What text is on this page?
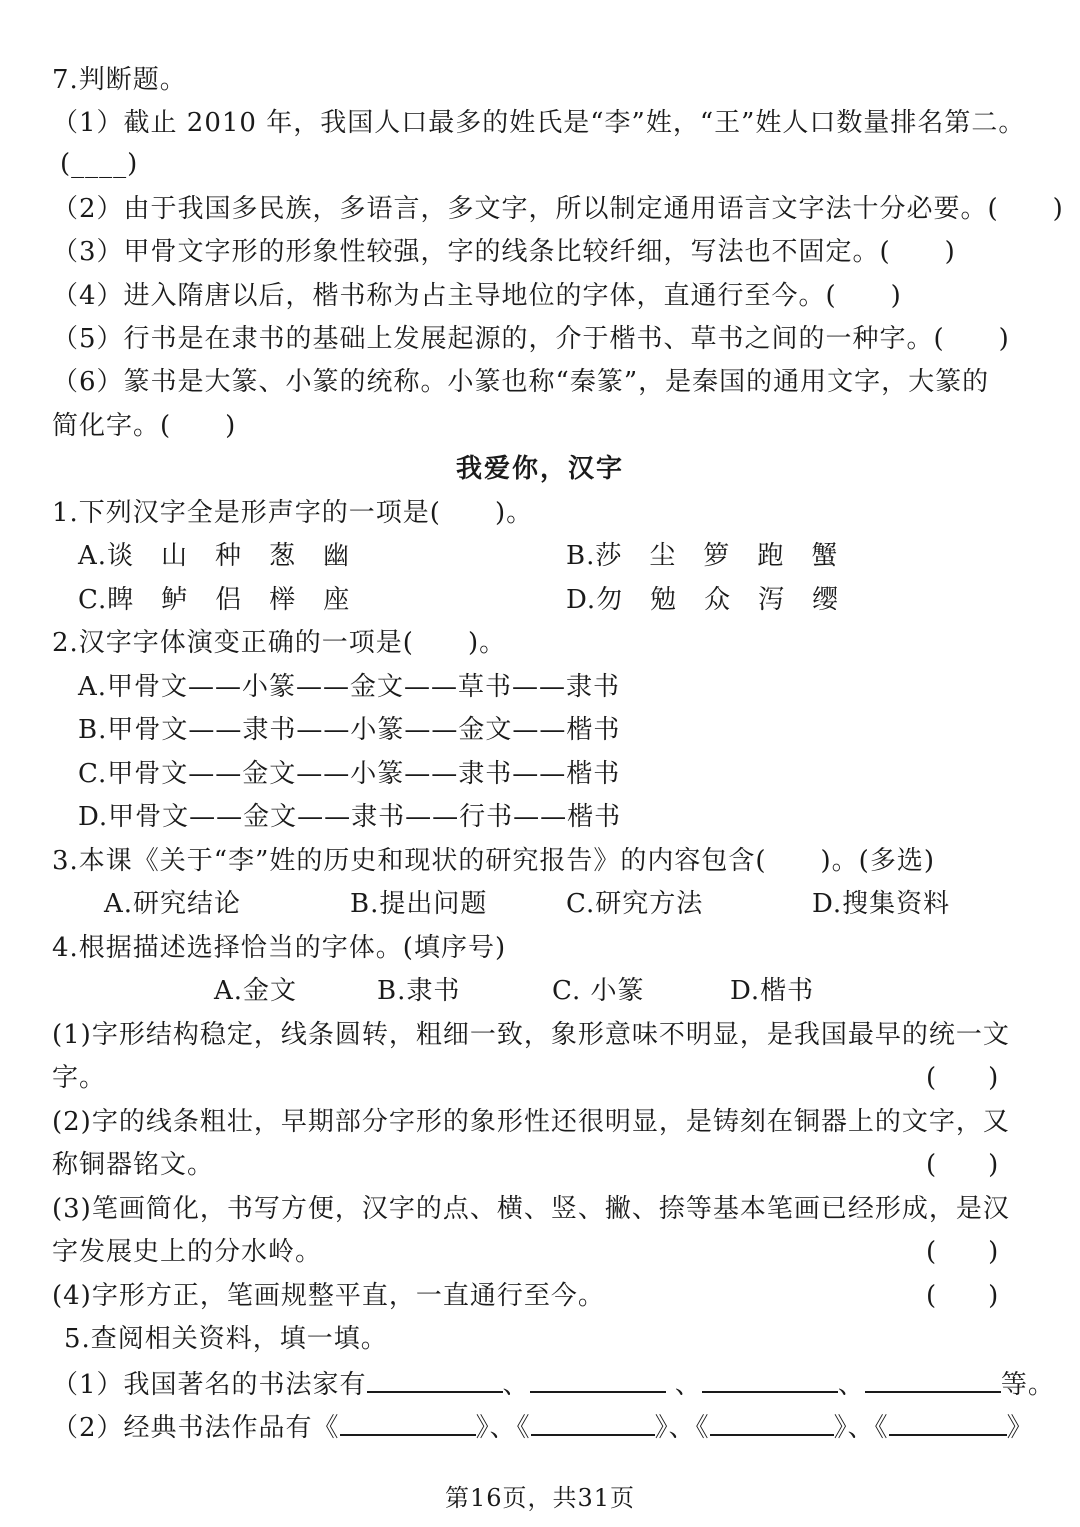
7.判断题。
（1）截止 2010 年，我国人口最多的姓氏是“李”姓，“王”姓人口数量排名第二。
(____)
（2）由于我国多民族，多语言，多文字，所以制定通用语言文字法十分必要。(　　)
（3）甲骨文字形的形象性较强，字的线条比较纤细，写法也不固定。(　　)
（4）进入隋唐以后，楷书称为占主导地位的字体，直通行至今。(　　)
（5）行书是在隶书的基础上发展起源的，介于楷书、草书之间的一种字。(　　)
（6）篆书是大篆、小篆的统称。小篆也称“秦篆”，是秦国的通用文字，大篆的
简化字。(　　)
我爱你，汉字
1.下列汉字全是形声字的一项是(　　)。
A.谈　山　种　葱　幽	B.莎　尘　箩　跑　蟹
C.睥　鲈　侣　榉　座	D.勿　勉　众　泻　缨
2.汉字字体演变正确的一项是(　　)。
A.甲骨文——小篆——金文——草书——隶书
B.甲骨文——隶书——小篆——金文——楷书
C.甲骨文——金文——小篆——隶书——楷书
D.甲骨文——金文——隶书——行书——楷书
3.本课《关于“李”姓的历史和现状的研究报告》的内容包含(　　)。(多选)
A.研究结论	B.提出问题	C.研究方法	D.搜集资料
4.根据描述选择恰当的字体。(填序号)
A.金文	B.隶书	C. 小篆	D.楷书
(1)字形结构稳定，线条圆转，粗细一致，象形意味不明显，是我国最早的统一文
字。	(　　)
(2)字的线条粗壮，早期部分字形的象形性还很明显，是铸刻在铜器上的文字，又
称铜器铭文。	(　　)
(3)笔画简化，书写方便，汉字的点、横、竖、撇、捺等基本笔画已经形成，是汉
字发展史上的分水岭。	(　　)
(4)字形方正，笔画规整平直，一直通行至今。	(　　)
5.查阅相关资料，填一填。
（1）我国著名的书法家有	、	、	、	等。
（2）经典书法作品有《	》、《	》、《	》、《	》
第16页，共31页
